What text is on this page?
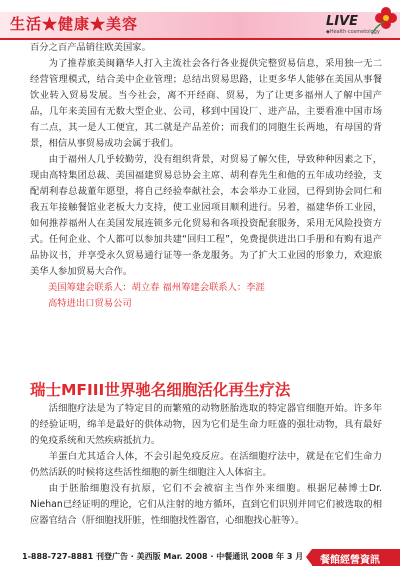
生活★健康★美容	LIVE
◆Health·cosmetology

百分之百产品销往欧美国家。

为了推荐旅美闽籍华人打入主流社会各行各业提供完整贸易信息，采用独一无二经营管理模式，结合美中企业管理；总结出贸易思路，让更多华人能够在美国从事餐饮业转入贸易发展。当今社会，离不开经商、贸易，为了让更多福州人了解中国产品，几年来美国有无数大型企业、公司，移到中国设厂、进产品，主要看准中国市场有二点，其一是人工便宜，其二就是产品差价；而我们的同胞生长两地，有母国的背景，相信从事贸易成功会属于我们。

由于福州人几乎较勤劳，没有组织背景，对贸易了解欠佳，导致种种因素之下，现由高特集团总裁、美国福建贸易总协会主席、胡利春先生和他的五年成功经验，支配胡利春总裁董年愿望，将自己经验奉献社会，本会举办工业园，已得到协会同仁和我五年接触餐馆业老板大力支持，使工业园项目顺利进行。另着，福建华侨工业园，如何推荐福州人在美国发展连锁多元化贸易和各项投资配套服务，采用无风险投资方式。任何企业、个人都可以参加共建“回归工程”，免费提供进出口手册和有购有退产品协议书，并享受永久贸易通行证等一条龙服务。为了扩大工业园的形象力，欢迎旅美华人参加贸易大合作。

美国筹建会联系人：胡立春 福州筹建会联系人：李涯

高特进出口贸易公司

瑞士MFIII世界驰名细胞活化再生疗法

活细胞疗法是为了特定目的而繁殖的动物胚胎选取的特定器官细胞开始。许多年的经验证明，绵羊是最好的供体动物，因为它们是生命力旺盛的强壮动物，具有最好的免疫系统和天然疾病抵抗力。

羊蛋白尤其适合人体，不会引起免疫反应。在活细胞疗法中，就是在它们生命力仍然活跃的时候将这些活性细胞的新生细胞注入人体宿主。

由于胚胎细胞没有抗原，它们不会被宿主当作外来细胞。根据尼赫博士Dr. Niehan已经证明的理论，它们从注射的地方循环，直到它们识别并同它们被选取的相应器官结合（肝细胞找肝脏，性细胞找性器官，心细胞找心脏等）。

1-888-727-8881 刊登广告 · 美西版 Mar. 2008 · 中餐通讯 2008 年 3 月 餐館經營資訊
